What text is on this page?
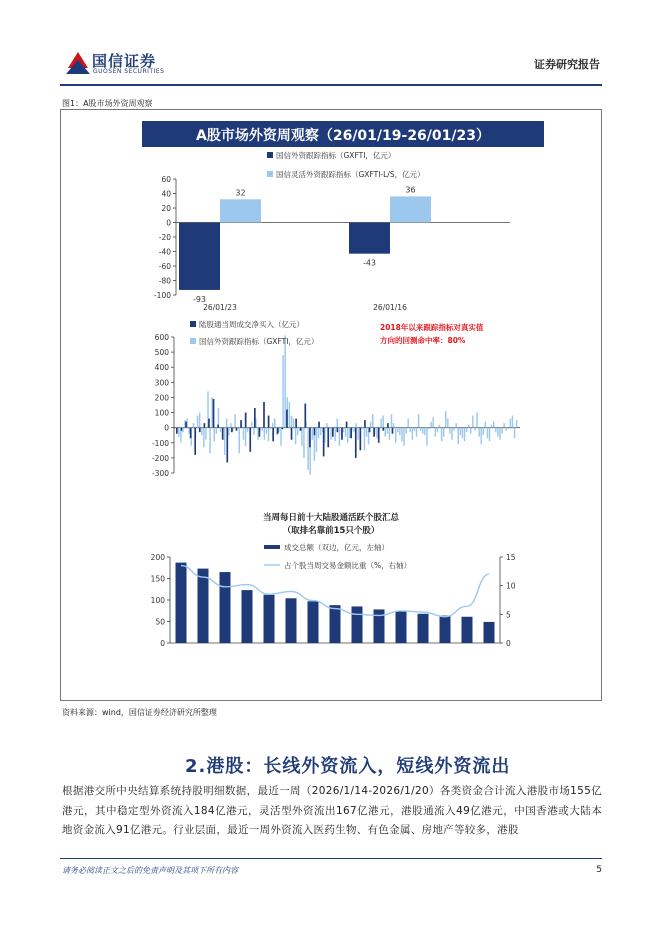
国信证券
GUOSEN SECURITIES
证券研究报告
图1：A股市场外资周观察
A股市场外资周观察（26/01/19-26/01/23）
60
40
20
0
-20
-40
-60
-80
-100	-93
32
26/01/23
-43
36
26/01/16
国信外资跟踪指标（GXFTI，亿元）
国信灵活外资跟踪指标（GXFTI-L/S，亿元）
600
500
400
300
200
100
0
-100
-200
-300
陆股通当周成交净买入（亿元）
国信外资跟踪指标（GXFTI，亿元）
2018年以来跟踪指标对真实值
方向的回测命中率：80%
当周每日前十大陆股通活跃个股汇总
（取排名靠前15只个股）
200
150
100
50
0
15
10
5
0
成交总额（双边，亿元，左轴）
占个股当周交易金额比重（%，右轴）
资料来源：wind，国信证券经济研究所整理
2.港股：长线外资流入，短线外资流出
根据港交所中央结算系统持股明细数据，最近一周（2026/1/14-2026/1/20）各类资金合计流入港股市场155亿港元，其中稳定型外资流入184亿港元，灵活型外资流出167亿港元，港股通流入49亿港元，中国香港或大陆本地资金流入91亿港元。行业层面，最近一周外资流入医药生物、有色金属、房地产等较多，港股
请务必阅读正文之后的免责声明及其项下所有内容	5
